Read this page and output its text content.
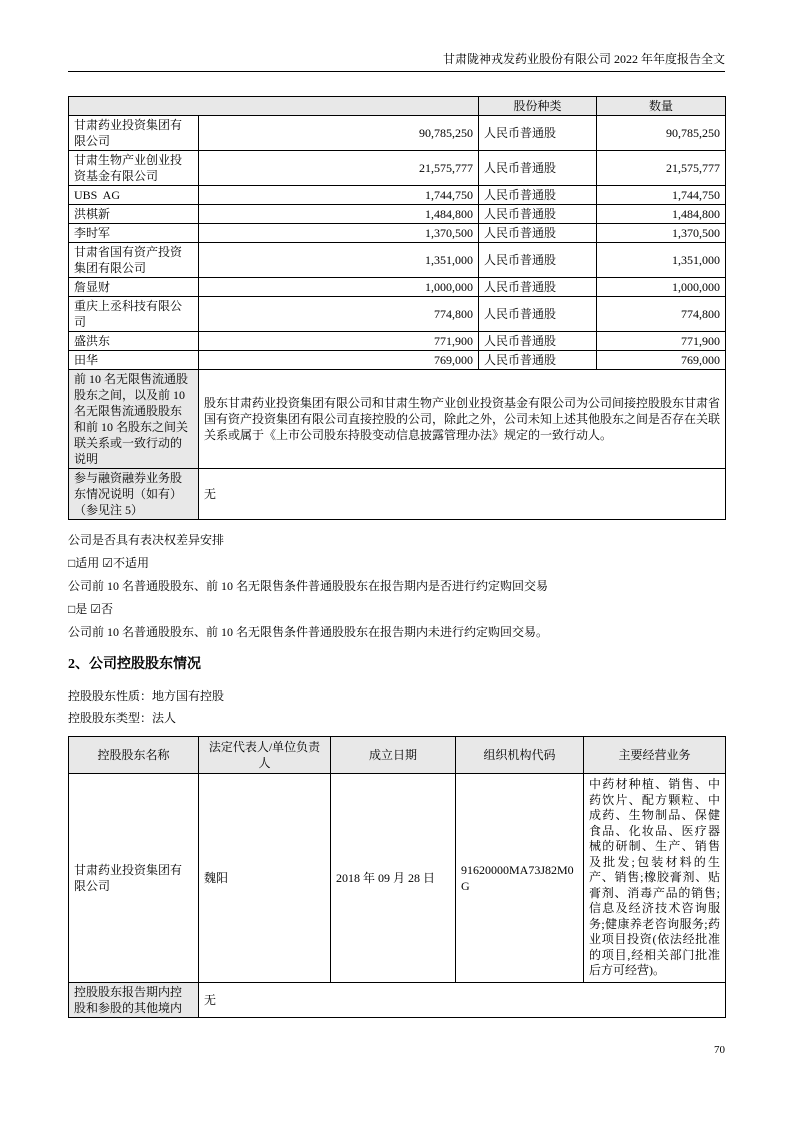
甘肃陇神戎发药业股份有限公司 2022 年年度报告全文
		股份种类	数量
甘肃药业投资集团有限公司	90,785,250	人民币普通股	90,785,250
甘肃生物产业创业投资基金有限公司	21,575,777	人民币普通股	21,575,777
UBS  AG	1,744,750	人民币普通股	1,744,750
洪棋新	1,484,800	人民币普通股	1,484,800
李时军	1,370,500	人民币普通股	1,370,500
甘肃省国有资产投资集团有限公司	1,351,000	人民币普通股	1,351,000
詹显财	1,000,000	人民币普通股	1,000,000
重庆上丞科技有限公司	774,800	人民币普通股	774,800
盛洪东	771,900	人民币普通股	771,900
田华	769,000	人民币普通股	769,000
前 10 名无限售流通股股东之间，以及前 10 名无限售流通股股东和前 10 名股东之间关联关系或一致行动的说明	股东甘肃药业投资集团有限公司和甘肃生物产业创业投资基金有限公司为公司间接控股股东甘肃省国有资产投资集团有限公司直接控股的公司，除此之外，公司未知上述其他股东之间是否存在关联关系或属于《上市公司股东持股变动信息披露管理办法》规定的一致行动人。		
参与融资融券业务股东情况说明（如有）（参见注 5）	无		

公司是否具有表决权差异安排

□适用 ☑不适用

公司前 10 名普通股股东、前 10 名无限售条件普通股股东在报告期内是否进行约定购回交易

□是 ☑否

公司前 10 名普通股股东、前 10 名无限售条件普通股股东在报告期内未进行约定购回交易。

2、公司控股股东情况

控股股东性质：地方国有控股

控股股东类型：法人

控股股东名称	法定代表人/单位负责人	成立日期	组织机构代码	主要经营业务
甘肃药业投资集团有限公司	魏阳	2018 年 09 月 28 日	91620000MA73J82M0G	中药材种植、销售、中药饮片、配方颗粒、中成药、生物制品、保健食品、化妆品、医疗器械的研制、生产、销售及批发;包装材料的生产、销售;橡胶膏剂、贴膏剂、消毒产品的销售;信息及经济技术咨询服务;健康养老咨询服务;药业项目投资(依法经批准的项目,经相关部门批准后方可经营)。
控股股东报告期内控股和参股的其他境内	无			
70
